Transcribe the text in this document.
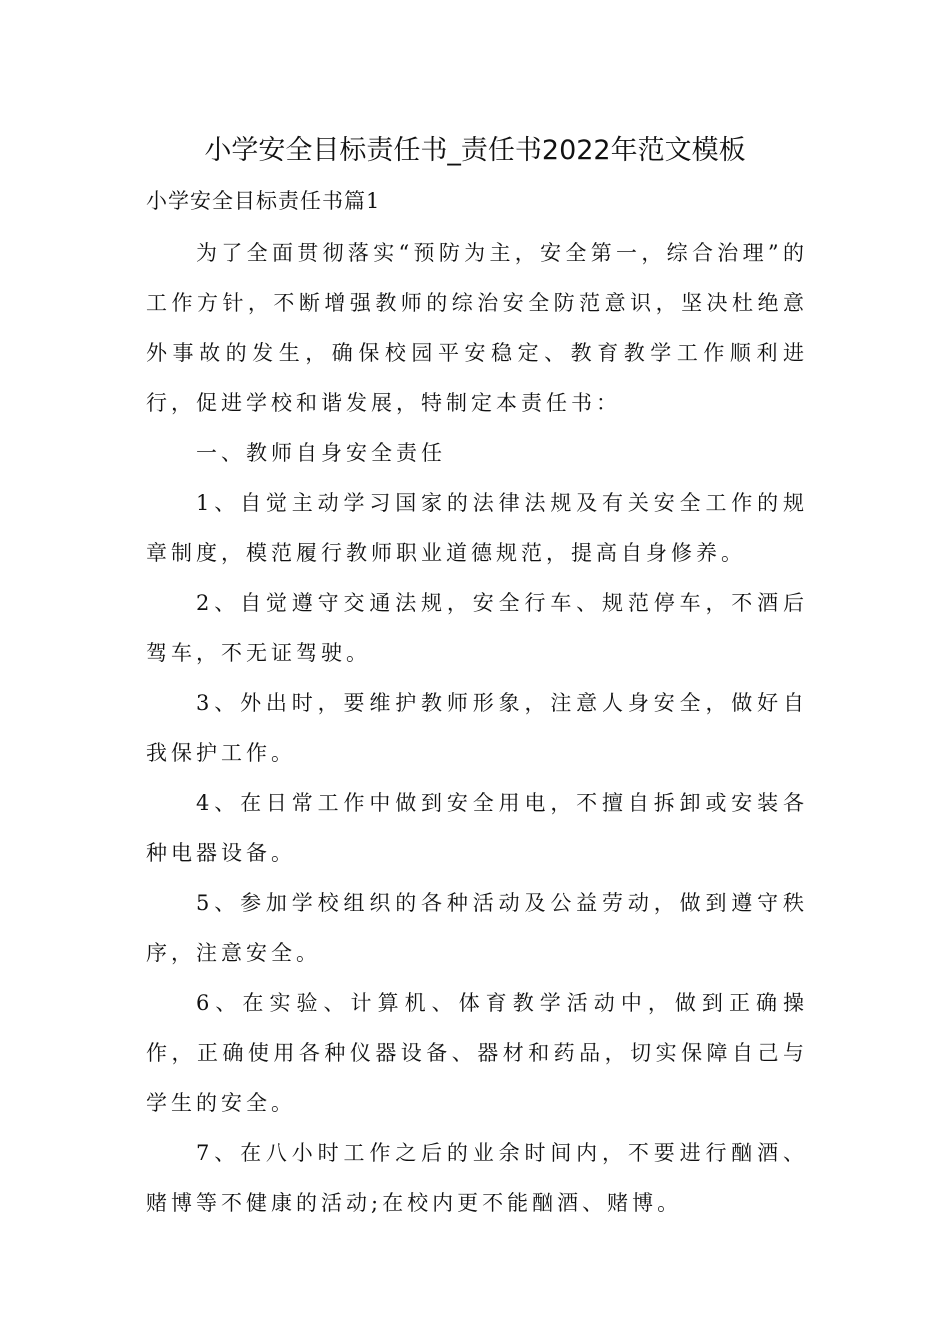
小学安全目标责任书_责任书2022年范文模板

小学安全目标责任书篇1

为了全面贯彻落实“预防为主，安全第一，综合治理”的工作方针，不断增强教师的综治安全防范意识，坚决杜绝意外事故的发生，确保校园平安稳定、教育教学工作顺利进行，促进学校和谐发展，特制定本责任书：

一、教师自身安全责任

1、自觉主动学习国家的法律法规及有关安全工作的规章制度，模范履行教师职业道德规范，提高自身修养。

2、自觉遵守交通法规，安全行车、规范停车，不酒后驾车，不无证驾驶。

3、外出时，要维护教师形象，注意人身安全，做好自我保护工作。

4、在日常工作中做到安全用电，不擅自拆卸或安装各种电器设备。

5、参加学校组织的各种活动及公益劳动，做到遵守秩序，注意安全。

6、在实验、计算机、体育教学活动中，做到正确操作，正确使用各种仪器设备、器材和药品，切实保障自己与学生的安全。

7、在八小时工作之后的业余时间内，不要进行酗酒、赌博等不健康的活动;在校内更不能酗酒、赌博。
